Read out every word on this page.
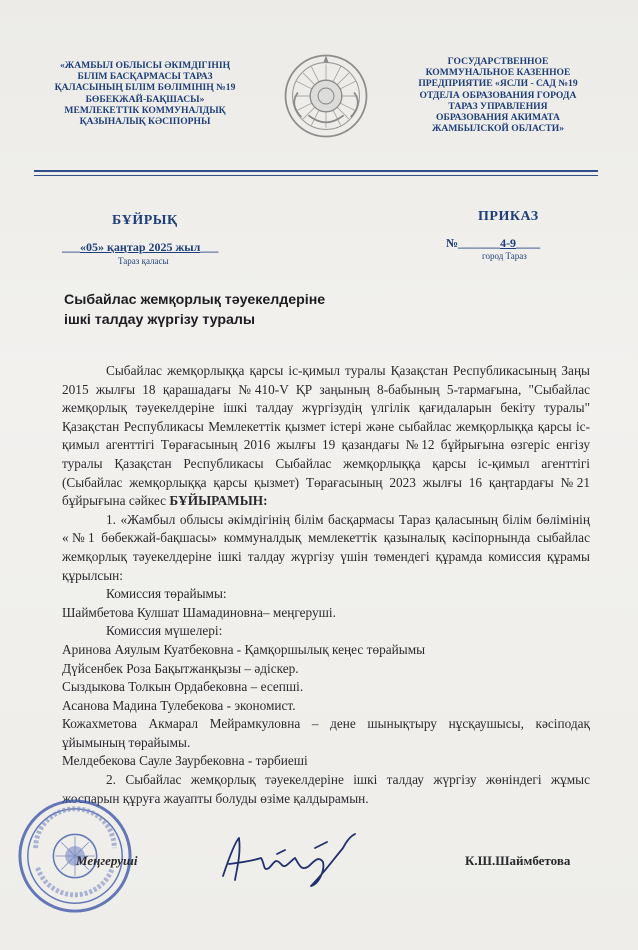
«ЖАМБЫЛ ОБЛЫСЫ ӘКІМДІГІНІҢ
БІЛІМ БАСҚАРМАСЫ ТАРАЗ
ҚАЛАСЫНЫҢ БІЛІМ БӨЛІМІНІҢ №19
БӨБЕКЖАЙ-БАҚШАСЫ»
МЕМЛЕКЕТТІК КОММУНАЛДЫҚ
ҚАЗЫНАЛЫҚ КӘСІПОРНЫ
ГОСУДАРСТВЕННОЕ
КОММУНАЛЬНОЕ КАЗЕННОЕ
ПРЕДПРИЯТИЕ «ЯСЛИ - САД №19
ОТДЕЛА ОБРАЗОВАНИЯ ГОРОДА
ТАРАЗ УПРАВЛЕНИЯ
ОБРАЗОВАНИЯ АКИМАТА
ЖАМБЫЛСКОЙ ОБЛАСТИ»
БҰЙРЫҚ	ПРИКАЗ
___«05» қаңтар 2025 жыл___	№_______4-9____
Тараз қаласы	город Тараз
Сыбайлас жемқорлық тәуекелдеріне
ішкі талдау жүргізу туралы
Сыбайлас жемқорлыққа қарсы іс-қимыл туралы Қазақстан Республикасының Заңы 2015 жылғы 18 қарашадағы №410-V ҚР заңының 8-бабының 5-тармағына, "Сыбайлас жемқорлық тәуекелдеріне ішкі талдау жүргізудің үлгілік қағидаларын бекіту туралы" Қазақстан Республикасы Мемлекеттік қызмет істері және сыбайлас жемқорлыққа қарсы іс-қимыл агенттігі Төрағасының 2016 жылғы 19 қазандағы №12 бұйрығына өзгеріс енгізу туралы Қазақстан Республикасы Сыбайлас жемқорлыққа қарсы іс-қимыл агенттігі (Сыбайлас жемқорлыққа қарсы қызмет) Төрағасының 2023 жылғы 16 қаңтардағы №21 бұйрығына сәйкес БҰЙЫРАМЫН:
1. «Жамбыл облысы әкімдігінің білім басқармасы Тараз қаласының білім бөлімінің «№1 бөбекжай-бақшасы» коммуналдық мемлекеттік қазыналық кәсіпорнында сыбайлас жемқорлық тәуекелдеріне ішкі талдау жүргізу үшін төмендегі құрамда комиссия құрамы құрылсын:
Комиссия төрайымы:
Шаймбетова Кулшат Шамадиновна– меңгеруші.
Комиссия мүшелері:
Аринова Аяулым Куатбековна - Қамқоршылық кеңес төрайымы
Дүйсенбек Роза Бақытжанқызы – әдіскер.
Сыздыкова Толкын Ордабековна – есепші.
Асанова Мадина Тулебекова - экономист.
Кожахметова Акмарал Мейрамкуловна – дене шынықтыру нұсқаушысы, кәсіподақ ұйымының төрайымы.
Мелдебекова Сауле Заурбековна - тәрбиеші
2. Сыбайлас жемқорлық тәуекелдеріне ішкі талдау жүргізу жөніндегі жұмыс жоспарын құруға жауапты болуды өзіме қалдырамын.
Меңгеруші	К.Ш.Шаймбетова
